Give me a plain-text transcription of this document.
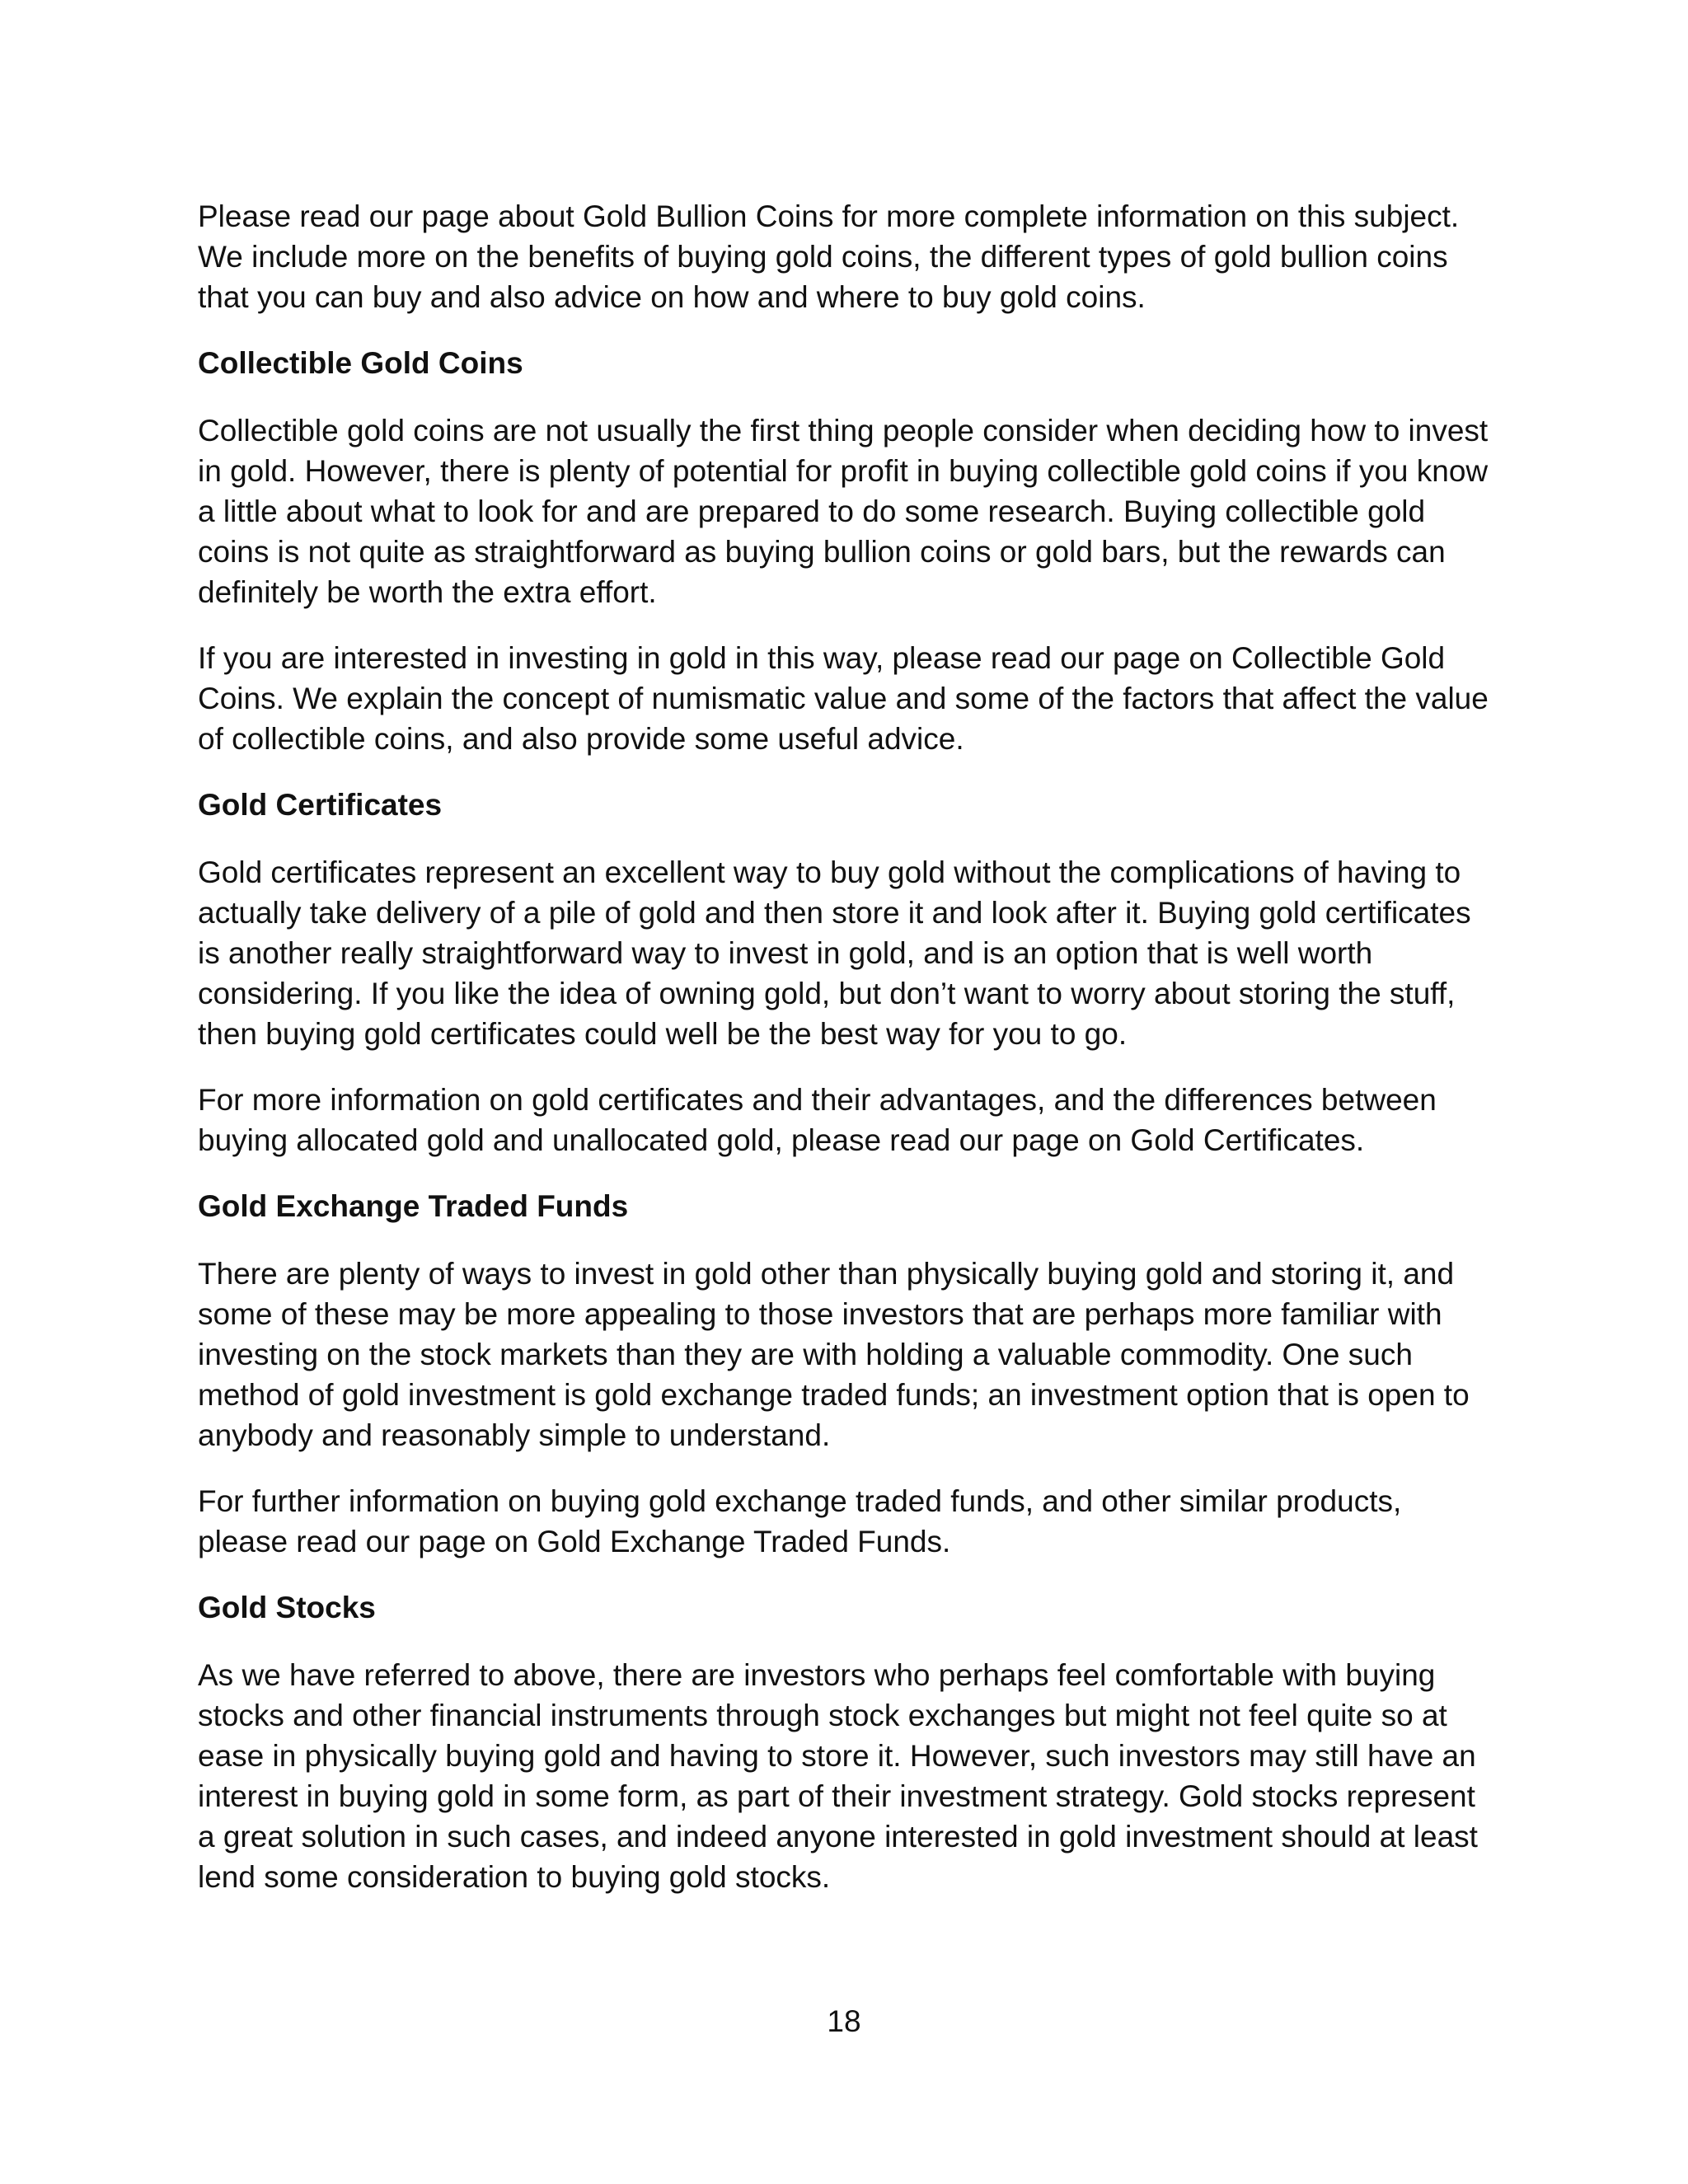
Please read our page about Gold Bullion Coins for more complete information on this subject. We include more on the benefits of buying gold coins, the different types of gold bullion coins that you can buy and also advice on how and where to buy gold coins.

Collectible Gold Coins

Collectible gold coins are not usually the first thing people consider when deciding how to invest in gold. However, there is plenty of potential for profit in buying collectible gold coins if you know a little about what to look for and are prepared to do some research. Buying collectible gold coins is not quite as straightforward as buying bullion coins or gold bars, but the rewards can definitely be worth the extra effort.

If you are interested in investing in gold in this way, please read our page on Collectible Gold Coins. We explain the concept of numismatic value and some of the factors that affect the value of collectible coins, and also provide some useful advice.

Gold Certificates

Gold certificates represent an excellent way to buy gold without the complications of having to actually take delivery of a pile of gold and then store it and look after it. Buying gold certificates is another really straightforward way to invest in gold, and is an option that is well worth considering. If you like the idea of owning gold, but don’t want to worry about storing the stuff, then buying gold certificates could well be the best way for you to go.

For more information on gold certificates and their advantages, and the differences between buying allocated gold and unallocated gold, please read our page on Gold Certificates.

Gold Exchange Traded Funds

There are plenty of ways to invest in gold other than physically buying gold and storing it, and some of these may be more appealing to those investors that are perhaps more familiar with investing on the stock markets than they are with holding a valuable commodity. One such method of gold investment is gold exchange traded funds; an investment option that is open to anybody and reasonably simple to understand.

For further information on buying gold exchange traded funds, and other similar products, please read our page on Gold Exchange Traded Funds.

Gold Stocks

As we have referred to above, there are investors who perhaps feel comfortable with buying stocks and other financial instruments through stock exchanges but might not feel quite so at ease in physically buying gold and having to store it. However, such investors may still have an interest in buying gold in some form, as part of their investment strategy. Gold stocks represent a great solution in such cases, and indeed anyone interested in gold investment should at least lend some consideration to buying gold stocks.

18
